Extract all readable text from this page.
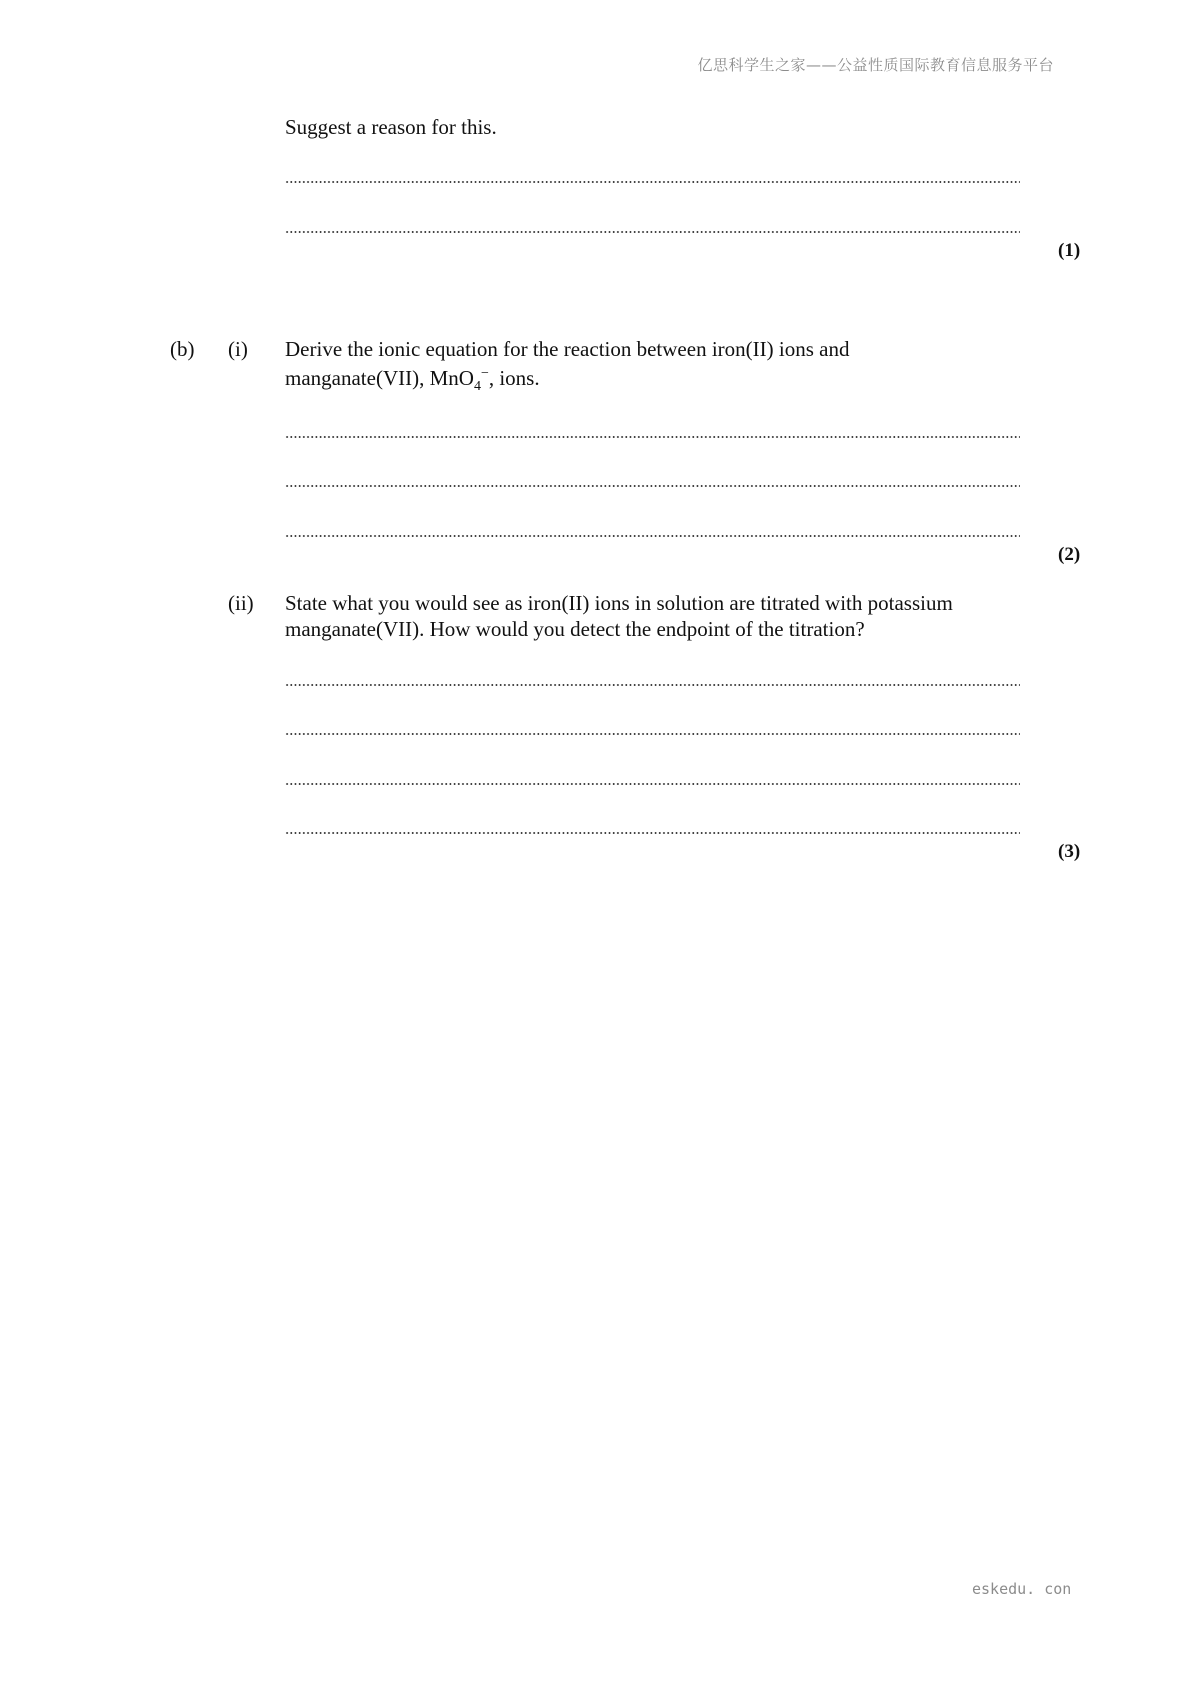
亿思科学生之家——公益性质国际教育信息服务平台
Suggest a reason for this.
(1)
(b) (i) Derive the ionic equation for the reaction between iron(II) ions and
manganate(VII), MnO$_4$−, ions.
(2)
(ii) State what you would see as iron(II) ions in solution are titrated with potassium
manganate(VII). How would you detect the endpoint of the titration?
(3)
eskedu. con
